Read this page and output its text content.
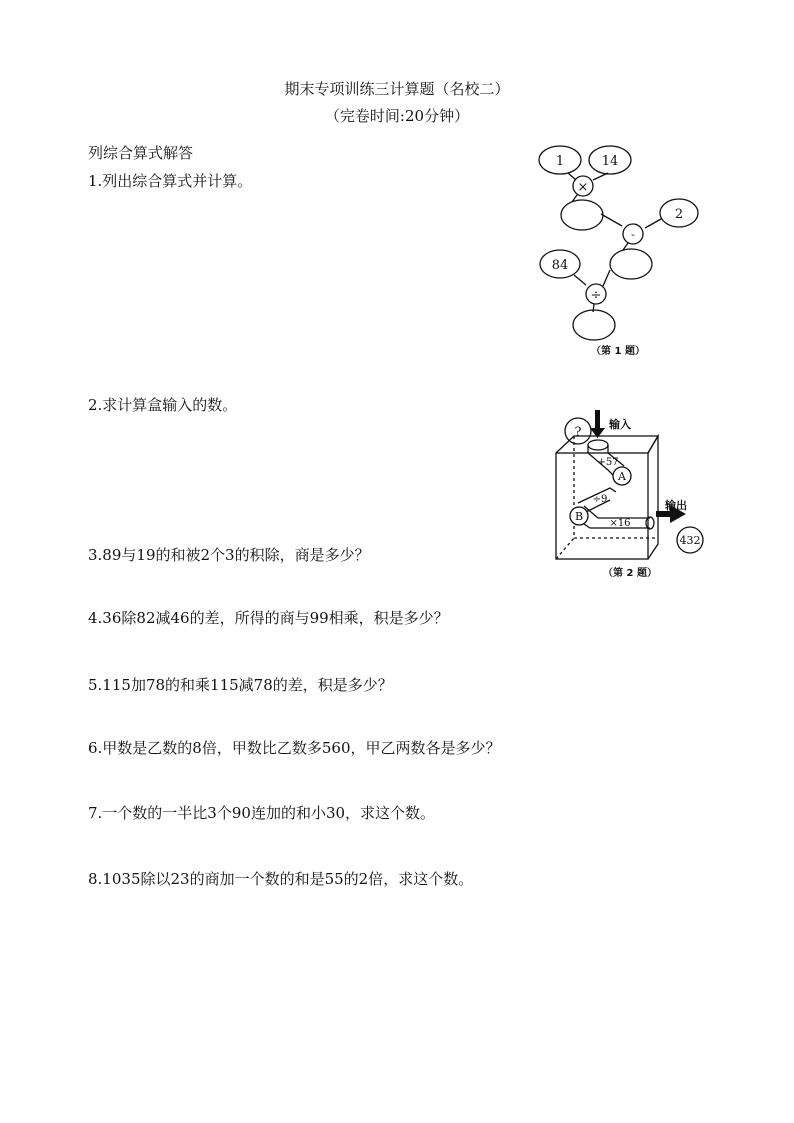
期末专项训练三计算题（名校二）
（完卷时间:20分钟）
列综合算式解答
1.列出综合算式并计算。
2.求计算盒输入的数。
3.89与19的和被2个3的积除，商是多少？
4.36除82减46的差，所得的商与99相乘，积是多少？
5.115加78的和乘115减78的差，积是多少？
6.甲数是乙数的8倍，甲数比乙数多560，甲乙两数各是多少？
7.一个数的一半比3个90连加的和小30，求这个数。
8.1035除以23的商加一个数的和是55的2倍，求这个数。
1	14
×
2
-
84
÷
（第 1 题）
?
输入
+57
A
÷9
B
×16
输出
432
（第 2 题）
